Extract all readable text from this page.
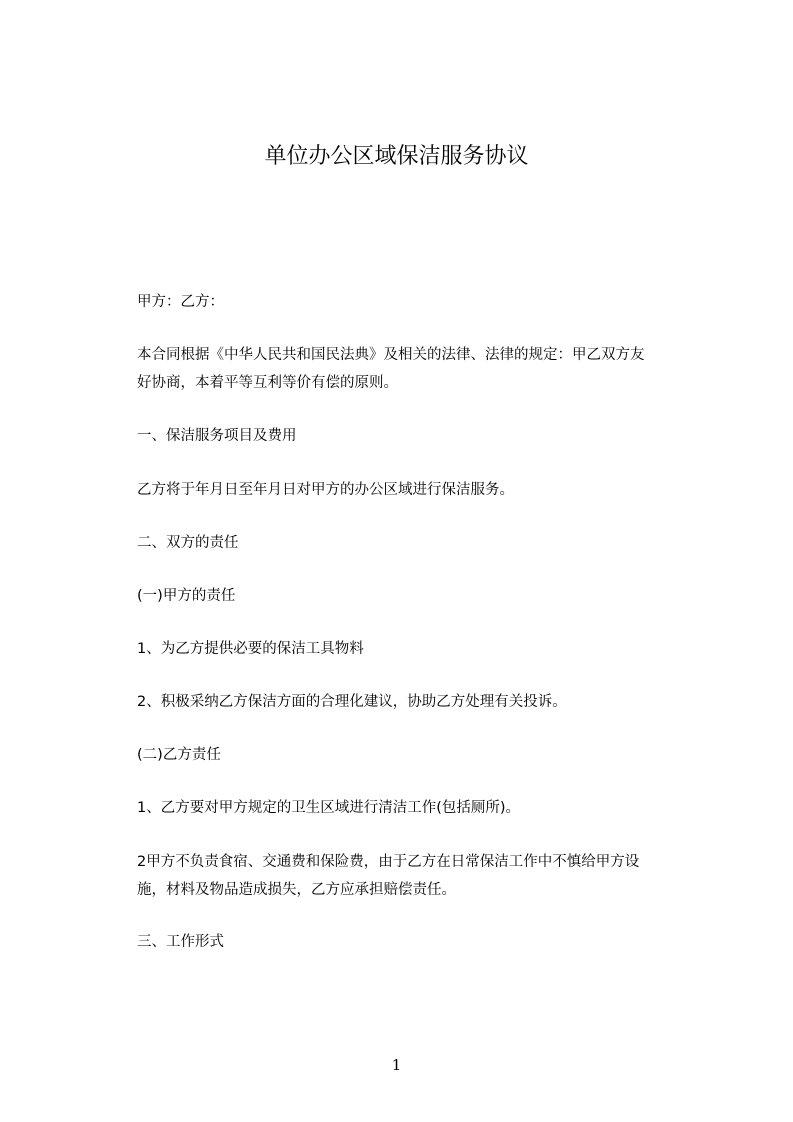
单位办公区域保洁服务协议
甲方：乙方：
本合同根据《中华人民共和国民法典》及相关的法律、法律的规定：甲乙双方友
好协商，本着平等互利等价有偿的原则。
一、保洁服务项目及费用
乙方将于年月日至年月日对甲方的办公区域进行保洁服务。
二、双方的责任
(一)甲方的责任
1、为乙方提供必要的保洁工具物料
2、积极采纳乙方保洁方面的合理化建议，协助乙方处理有关投诉。
(二)乙方责任
1、乙方要对甲方规定的卫生区域进行清洁工作(包括厕所)。
2甲方不负责食宿、交通费和保险费，由于乙方在日常保洁工作中不慎给甲方设
施，材料及物品造成损失，乙方应承担赔偿责任。
三、工作形式
1
